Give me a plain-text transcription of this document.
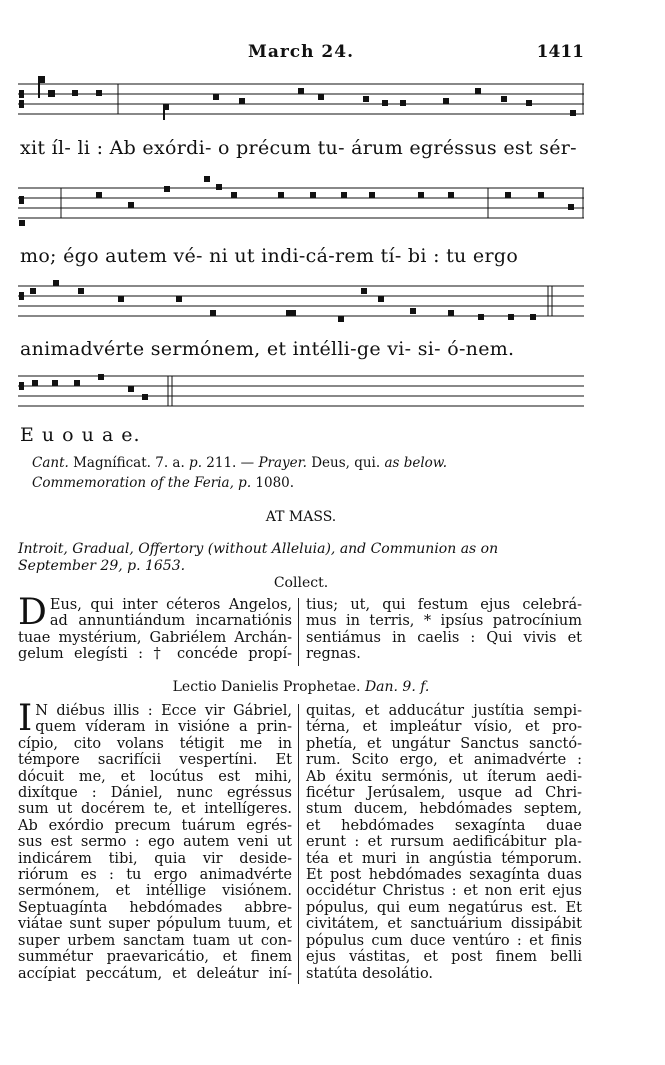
March 24.	1411
xit íl- li : Ab exórdi- o précum tu- árum egréssus est sér-
mo; égo autem vé- ni ut indi-cá-rem tí- bi : tu ergo
animadvérte sermónem, et intélli-ge vi- si- ó-nem.
E u o u a e.
Cant. Magníficat. 7. a. p. 211. — Prayer. Deus, qui. as below.
Commemoration of the Feria, p. 1080.
AT MASS.
Introit, Gradual, Offertory (without Alleluia), and Communion as on
September 29, p. 1653.
Collect.
D Eus, qui inter céteros Angelos,
ad annuntiándum incarnatiónis
tuae mystérium, Gabriélem Archán-
gelum elegísti : † concéde propí-
tius; ut, qui festum ejus celebrá-
mus in terris, * ipsíus patrocínium
sentiámus in caelis : Qui vivis et
regnas.
Lectio Danielis Prophetae. Dan. 9. f.
I N diébus illis : Ecce vir Gábriel,
quem víderam in visióne a prin-
cípio, cito volans tétigit me in
témpore sacrifícii vespertíni. Et
dócuit me, et locútus est mihi,
dixítque : Dániel, nunc egréssus
sum ut docérem te, et intellígeres.
Ab exórdio precum tuárum egrés-
sus est sermo : ego autem veni ut
indicárem tibi, quia vir deside-
riórum es : tu ergo animadvérte
sermónem, et intéllige visiónem.
Septuagínta hebdómades abbre-
viátae sunt super pópulum tuum, et
super urbem sanctam tuam ut con-
summétur praevaricátio, et finem
accípiat peccátum, et deleátur iní-
quitas, et adducátur justítia sempi-
térna, et impleátur vísio, et pro-
phetía, et ungátur Sanctus sanctó-
rum. Scito ergo, et animadvérte :
Ab éxitu sermónis, ut íterum aedi-
ficétur Jerúsalem, usque ad Chri-
stum ducem, hebdómades septem,
et hebdómades sexagínta duae
erunt : et rursum aedificábitur pla-
téa et muri in angústia témporum.
Et post hebdómades sexagínta duas
occidétur Christus : et non erit ejus
pópulus, qui eum negatúrus est. Et
civitátem, et sanctuárium dissipábit
pópulus cum duce ventúro : et finis
ejus vástitas, et post finem belli
statúta desolátio.
